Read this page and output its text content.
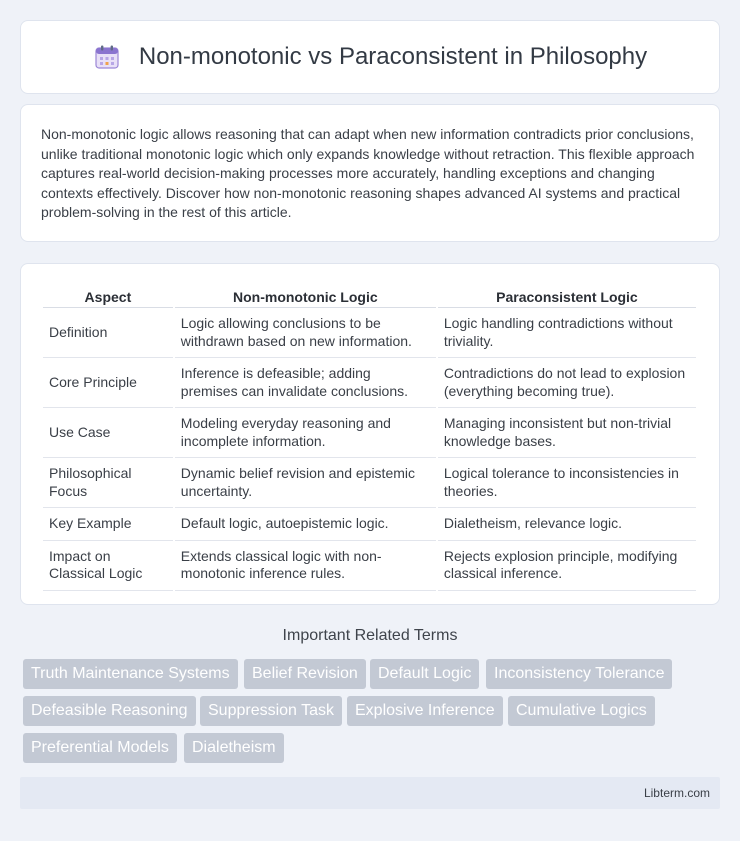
Non-monotonic vs Paraconsistent in Philosophy

Non-monotonic logic allows reasoning that can adapt when new information contradicts prior conclusions, unlike traditional monotonic logic which only expands knowledge without retraction. This flexible approach captures real-world decision-making processes more accurately, handling exceptions and changing contexts effectively. Discover how non-monotonic reasoning shapes advanced AI systems and practical problem-solving in the rest of this article.

Aspect	Non-monotonic Logic	Paraconsistent Logic
Definition	Logic allowing conclusions to be withdrawn based on new information.	Logic handling contradictions without triviality.
Core Principle	Inference is defeasible; adding premises can invalidate conclusions.	Contradictions do not lead to explosion (everything becoming true).
Use Case	Modeling everyday reasoning and incomplete information.	Managing inconsistent but non-trivial knowledge bases.
Philosophical Focus	Dynamic belief revision and epistemic uncertainty.	Logical tolerance to inconsistencies in theories.
Key Example	Default logic, autoepistemic logic.	Dialetheism, relevance logic.
Impact on Classical Logic	Extends classical logic with non-monotonic inference rules.	Rejects explosion principle, modifying classical inference.
Important Related Terms
Truth Maintenance Systems	Belief Revision	Default Logic	Inconsistency Tolerance
Defeasible Reasoning	Suppression Task	Explosive Inference	Cumulative Logics
Preferential Models	Dialetheism
Libterm.com
